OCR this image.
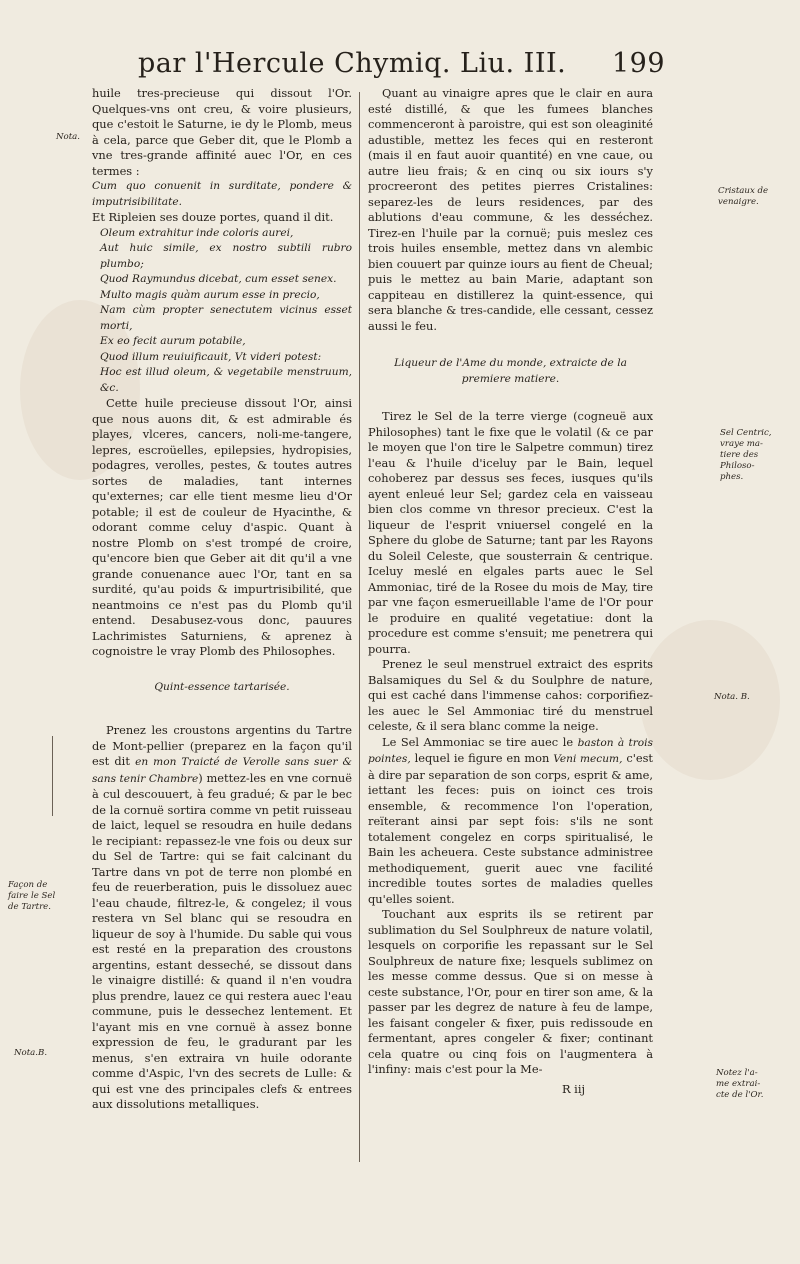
par l'Hercule Chymiq. Liu. III. 199
Nota.
Façon de
faire le Sel
de Tartre.
Nota.B.
Cristaux de
venaigre.
Sel Centric,
vraye ma-
tiere des
Philoso-
phes.
Nota. B.
Notez l'a-
me extrai-
cte de l'Or.

huile tres-precieuse qui dissout l'Or. Quelques-vns ont creu, & voire plusieurs, que c'estoit le Saturne, ie dy le Plomb, meus à cela, parce que Geber dit, que le Plomb a vne tres-grande affinité auec l'Or, en ces termes :

Cum quo conuenit in surditate, pondere & imputrisibilitate.

Et Ripleien ses douze portes, quand il dit.

Oleum extrahitur inde coloris aurei,

Aut huic simile, ex nostro subtili rubro plumbo;

Quod Raymundus dicebat, cum esset senex.

Multo magis quàm aurum esse in precio,

Nam cùm propter senectutem vicinus esset morti,

Ex eo fecit aurum potabile,

Quod illum reuiuificauit, Vt videri potest:

Hoc est illud oleum, & vegetabile menstruum, &c.

Cette huile precieuse dissout l'Or, ainsi que nous auons dit, & est admirable és playes, vlceres, cancers, noli-me-tangere, lepres, escroüelles, epilepsies, hydropisies, podagres, verolles, pestes, & toutes autres sortes de maladies, tant internes qu'externes; car elle tient mesme lieu d'Or potable; il est de couleur de Hyacinthe, & odorant comme celuy d'aspic. Quant à nostre Plomb on s'est trompé de croire, qu'encore bien que Geber ait dit qu'il a vne grande conuenance auec l'Or, tant en sa surdité, qu'au poids & impurtrisibilité, que neantmoins ce n'est pas du Plomb qu'il entend. Desabusez-vous donc, pauures Lachrimistes Saturniens, & aprenez à cognoistre le vray Plomb des Philosophes.

Quint-essence tartarisée.

Prenez les croustons argentins du Tartre de Mont-pellier (preparez en la façon qu'il est dit en mon Traicté de Verolle sans suer & sans tenir Chambre) mettez-les en vne cornuë à cul descouuert, à feu gradué; & par le bec de la cornuë sortira comme vn petit ruisseau de laict, lequel se resoudra en huile dedans le recipiant: repassez-le vne fois ou deux sur du Sel de Tartre: qui se fait calcinant du Tartre dans vn pot de terre non plombé en feu de reuerberation, puis le dissoluez auec l'eau chaude, filtrez-le, & congelez; il vous restera vn Sel blanc qui se resoudra en liqueur de soy à l'humide. Du sable qui vous est resté en la preparation des croustons argentins, estant desseché, se dissout dans le vinaigre distillé: & quand il n'en voudra plus prendre, lauez ce qui restera auec l'eau commune, puis le dessechez lentement. Et l'ayant mis en vne cornuë à assez bonne expression de feu, le gradurant par les menus, s'en extraira vn huile odorante comme d'Aspic, l'vn des secrets de Lulle: & qui est vne des principales clefs & entrees aux dissolutions metalliques.

Quant au vinaigre apres que le clair en aura esté distillé, & que les fumees blanches commenceront à paroistre, qui est son oleaginité adustible, mettez les feces qui en resteront (mais il en faut auoir quantité) en vne caue, ou autre lieu frais; & en cinq ou six iours s'y procreeront des petites pierres Cristalines: separez-les de leurs residences, par des ablutions d'eau commune, & les desséchez. Tirez-en l'huile par la cornuë; puis meslez ces trois huiles ensemble, mettez dans vn alembic bien couuert par quinze iours au fient de Cheual; puis le mettez au bain Marie, adaptant son cappiteau en distillerez la quint-essence, qui sera blanche & tres-candide, elle cessant, cessez aussi le feu.

Liqueur de l'Ame du monde, extraicte de la premiere matiere.

Tirez le Sel de la terre vierge (cogneuë aux Philosophes) tant le fixe que le volatil (& ce par le moyen que l'on tire le Salpetre commun) tirez l'eau & l'huile d'iceluy par le Bain, lequel cohoberez par dessus ses feces, iusques qu'ils ayent enleué leur Sel; gardez cela en vaisseau bien clos comme vn thresor precieux. C'est la liqueur de l'esprit vniuersel congelé en la Sphere du globe de Saturne; tant par les Rayons du Soleil Celeste, que sousterrain & centrique. Iceluy meslé en elgales parts auec le Sel Ammoniac, tiré de la Rosee du mois de May, tire par vne façon esmerueillable l'ame de l'Or pour le produire en qualité vegetatiue: dont la procedure est comme s'ensuit; me penetrera qui pourra.

Prenez le seul menstruel extraict des esprits Balsamiques du Sel & du Soulphre de nature, qui est caché dans l'immense cahos: corporifiez-les auec le Sel Ammoniac tiré du menstruel celeste, & il sera blanc comme la neige.

Le Sel Ammoniac se tire auec le baston à trois pointes, lequel ie figure en mon Veni mecum, c'est à dire par separation de son corps, esprit & ame, iettant les feces: puis on ioinct ces trois ensemble, & recommence l'on l'operation, reïterant ainsi par sept fois: s'ils ne sont totalement congelez en corps spiritualisé, le Bain les acheuera. Ceste substance administree methodiquement, guerit auec vne facilité incredible toutes sortes de maladies quelles qu'elles soient.

Touchant aux esprits ils se retirent par sublimation du Sel Soulphreux de nature volatil, lesquels on corporifie les repassant sur le Sel Soulphreux de nature fixe; lesquels sublimez on les messe comme dessus. Que si on messe à ceste substance, l'Or, pour en tirer son ame, & la passer par les degrez de nature à feu de lampe, les faisant congeler & fixer, puis redissoude en fermentant, apres congeler & fixer; continant cela quatre ou cinq fois on l'augmentera à l'infiny: mais c'est pour la Me-

R iij
